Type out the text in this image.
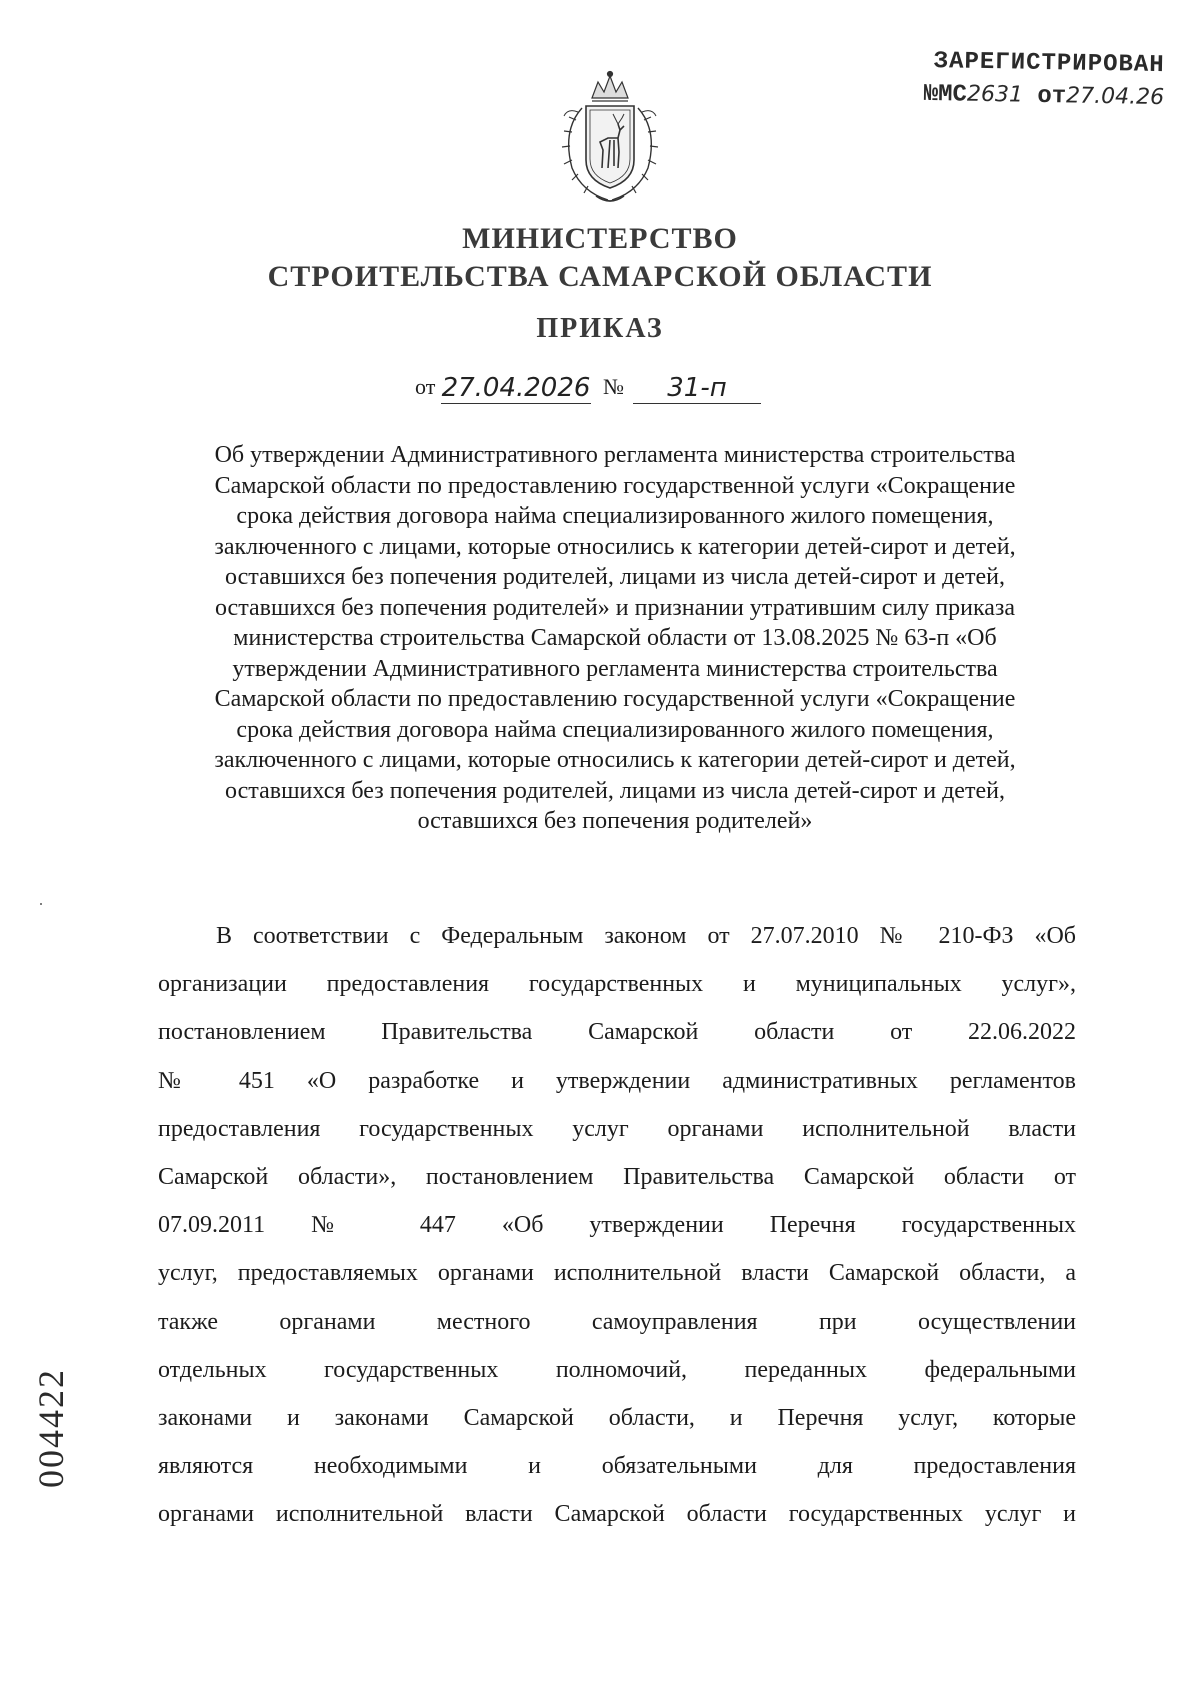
ЗАРЕГИСТРИРОВАН
№МС2631 от27.04.26
МИНИСТЕРСТВО
СТРОИТЕЛЬСТВА САМАРСКОЙ ОБЛАСТИ
ПРИКАЗ
от 27.04.2026 №	31-п
Об утверждении Административного регламента министерства строительства
Самарской области по предоставлению государственной услуги «Сокращение
срока действия договора найма специализированного жилого помещения,
заключенного с лицами, которые относились к категории детей-сирот и детей,
оставшихся без попечения родителей, лицами из числа детей-сирот и детей,
оставшихся без попечения родителей» и признании утратившим силу приказа
министерства строительства Самарской области от 13.08.2025 № 63-п «Об
утверждении Административного регламента министерства строительства
Самарской области по предоставлению государственной услуги «Сокращение
срока действия договора найма специализированного жилого помещения,
заключенного с лицами, которые относились к категории детей-сирот и детей,
оставшихся без попечения родителей, лицами из числа детей-сирот и детей,
оставшихся без попечения родителей»
В соответствии с Федеральным законом от 27.07.2010 № 210-ФЗ «Об
организации предоставления государственных и муниципальных услуг»,
постановлением Правительства Самарской области от 22.06.2022
№ 451 «О разработке и утверждении административных регламентов
предоставления государственных услуг органами исполнительной власти
Самарской области», постановлением Правительства Самарской области от
07.09.2011 № 447 «Об утверждении Перечня государственных
услуг, предоставляемых органами исполнительной власти Самарской области, а
также органами местного самоуправления при осуществлении
отдельных государственных полномочий, переданных федеральными
законами и законами Самарской области, и Перечня услуг, которые
являются необходимыми и обязательными для предоставления
органами исполнительной власти Самарской области государственных услуг и
004422
